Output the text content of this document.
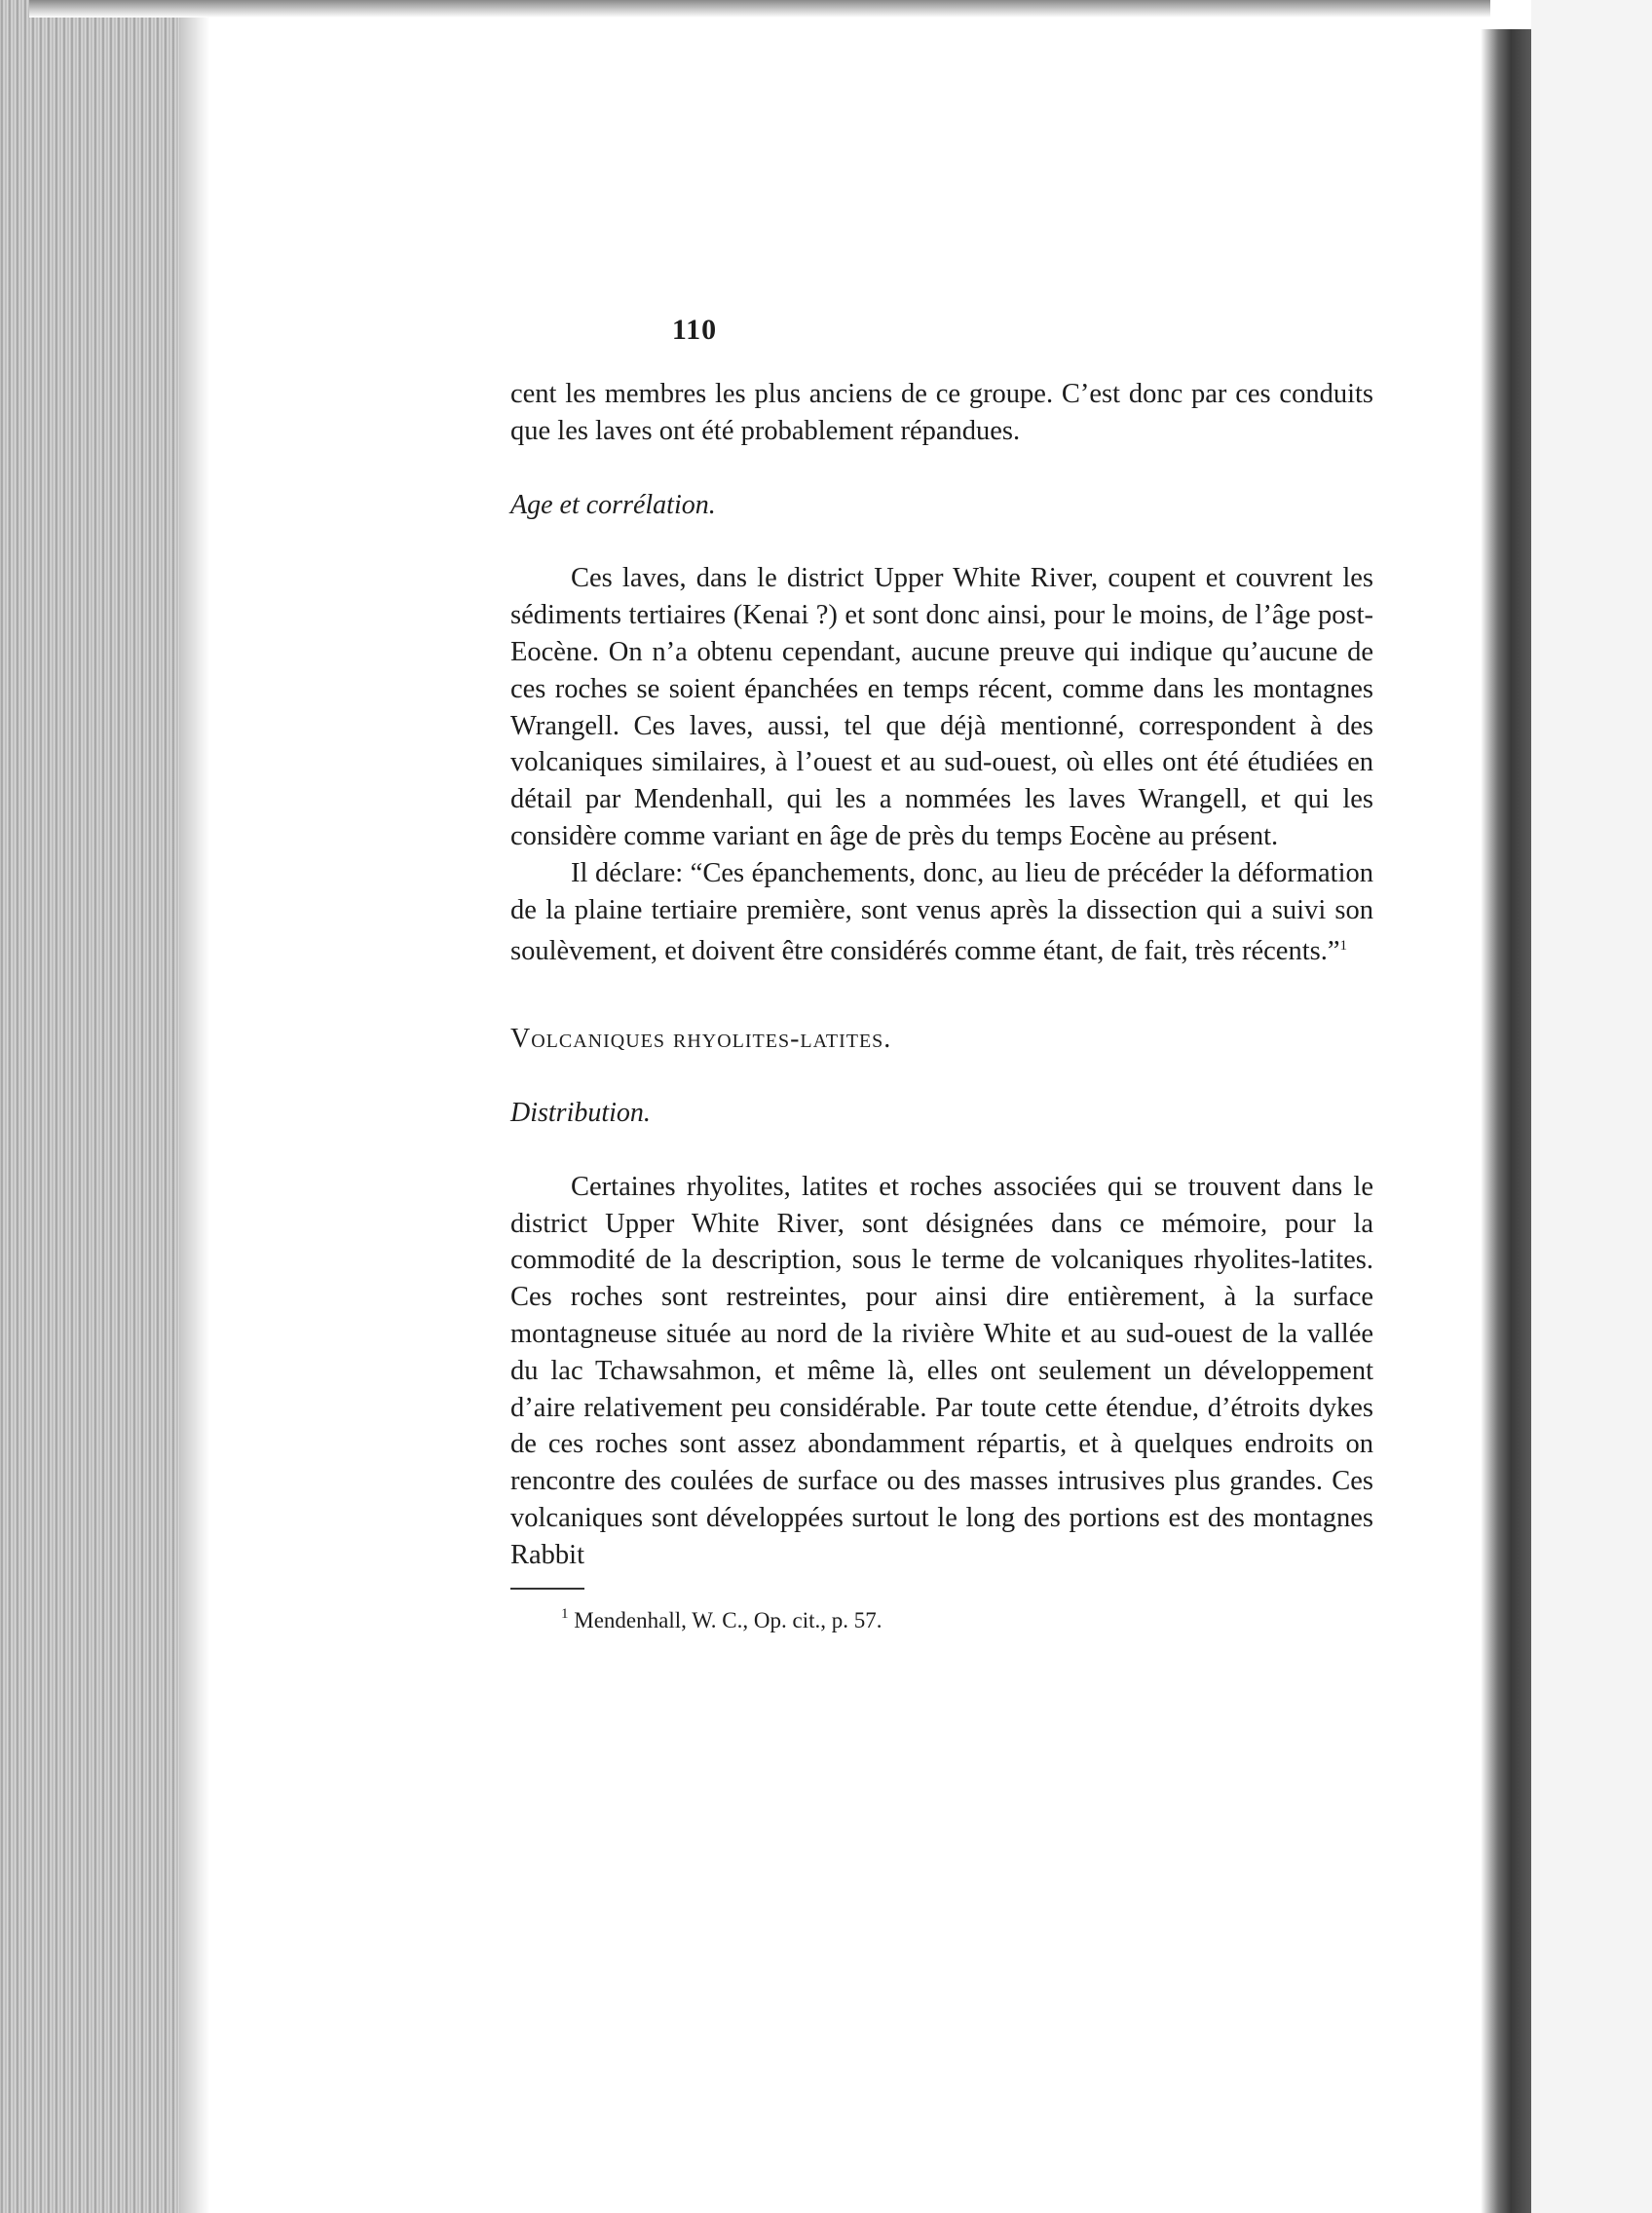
110

cent les membres les plus anciens de ce groupe. C’est donc par ces conduits que les laves ont été probablement répandues.

Age et corrélation.

Ces laves, dans le district Upper White River, coupent et couvrent les sédiments tertiaires (Kenai ?) et sont donc ainsi, pour le moins, de l’âge post-Eocène. On n’a obtenu cependant, aucune preuve qui indique qu’aucune de ces roches se soient épanchées en temps récent, comme dans les montagnes Wrangell. Ces laves, aussi, tel que déjà mentionné, correspondent à des volcaniques similaires, à l’ouest et au sud-ouest, où elles ont été étudiées en détail par Mendenhall, qui les a nommées les laves Wrangell, et qui les considère comme variant en âge de près du temps Eocène au présent.

Il déclare: “Ces épanchements, donc, au lieu de précéder la déformation de la plaine tertiaire première, sont venus après la dissection qui a suivi son soulèvement, et doivent être considérés comme étant, de fait, très récents.”$^1$

Volcaniques rhyolites-latites.

Distribution.

Certaines rhyolites, latites et roches associées qui se trouvent dans le district Upper White River, sont désignées dans ce mémoire, pour la commodité de la description, sous le terme de volcaniques rhyolites-latites. Ces roches sont restreintes, pour ainsi dire entièrement, à la surface montagneuse située au nord de la rivière White et au sud-ouest de la vallée du lac Tchawsahmon, et même là, elles ont seulement un développement d’aire relativement peu considérable. Par toute cette étendue, d’étroits dykes de ces roches sont assez abondamment répartis, et à quelques endroits on rencontre des coulées de surface ou des masses intrusives plus grandes. Ces volcaniques sont développées surtout le long des portions est des montagnes Rabbit

$^1$ Mendenhall, W. C., Op. cit., p. 57.
